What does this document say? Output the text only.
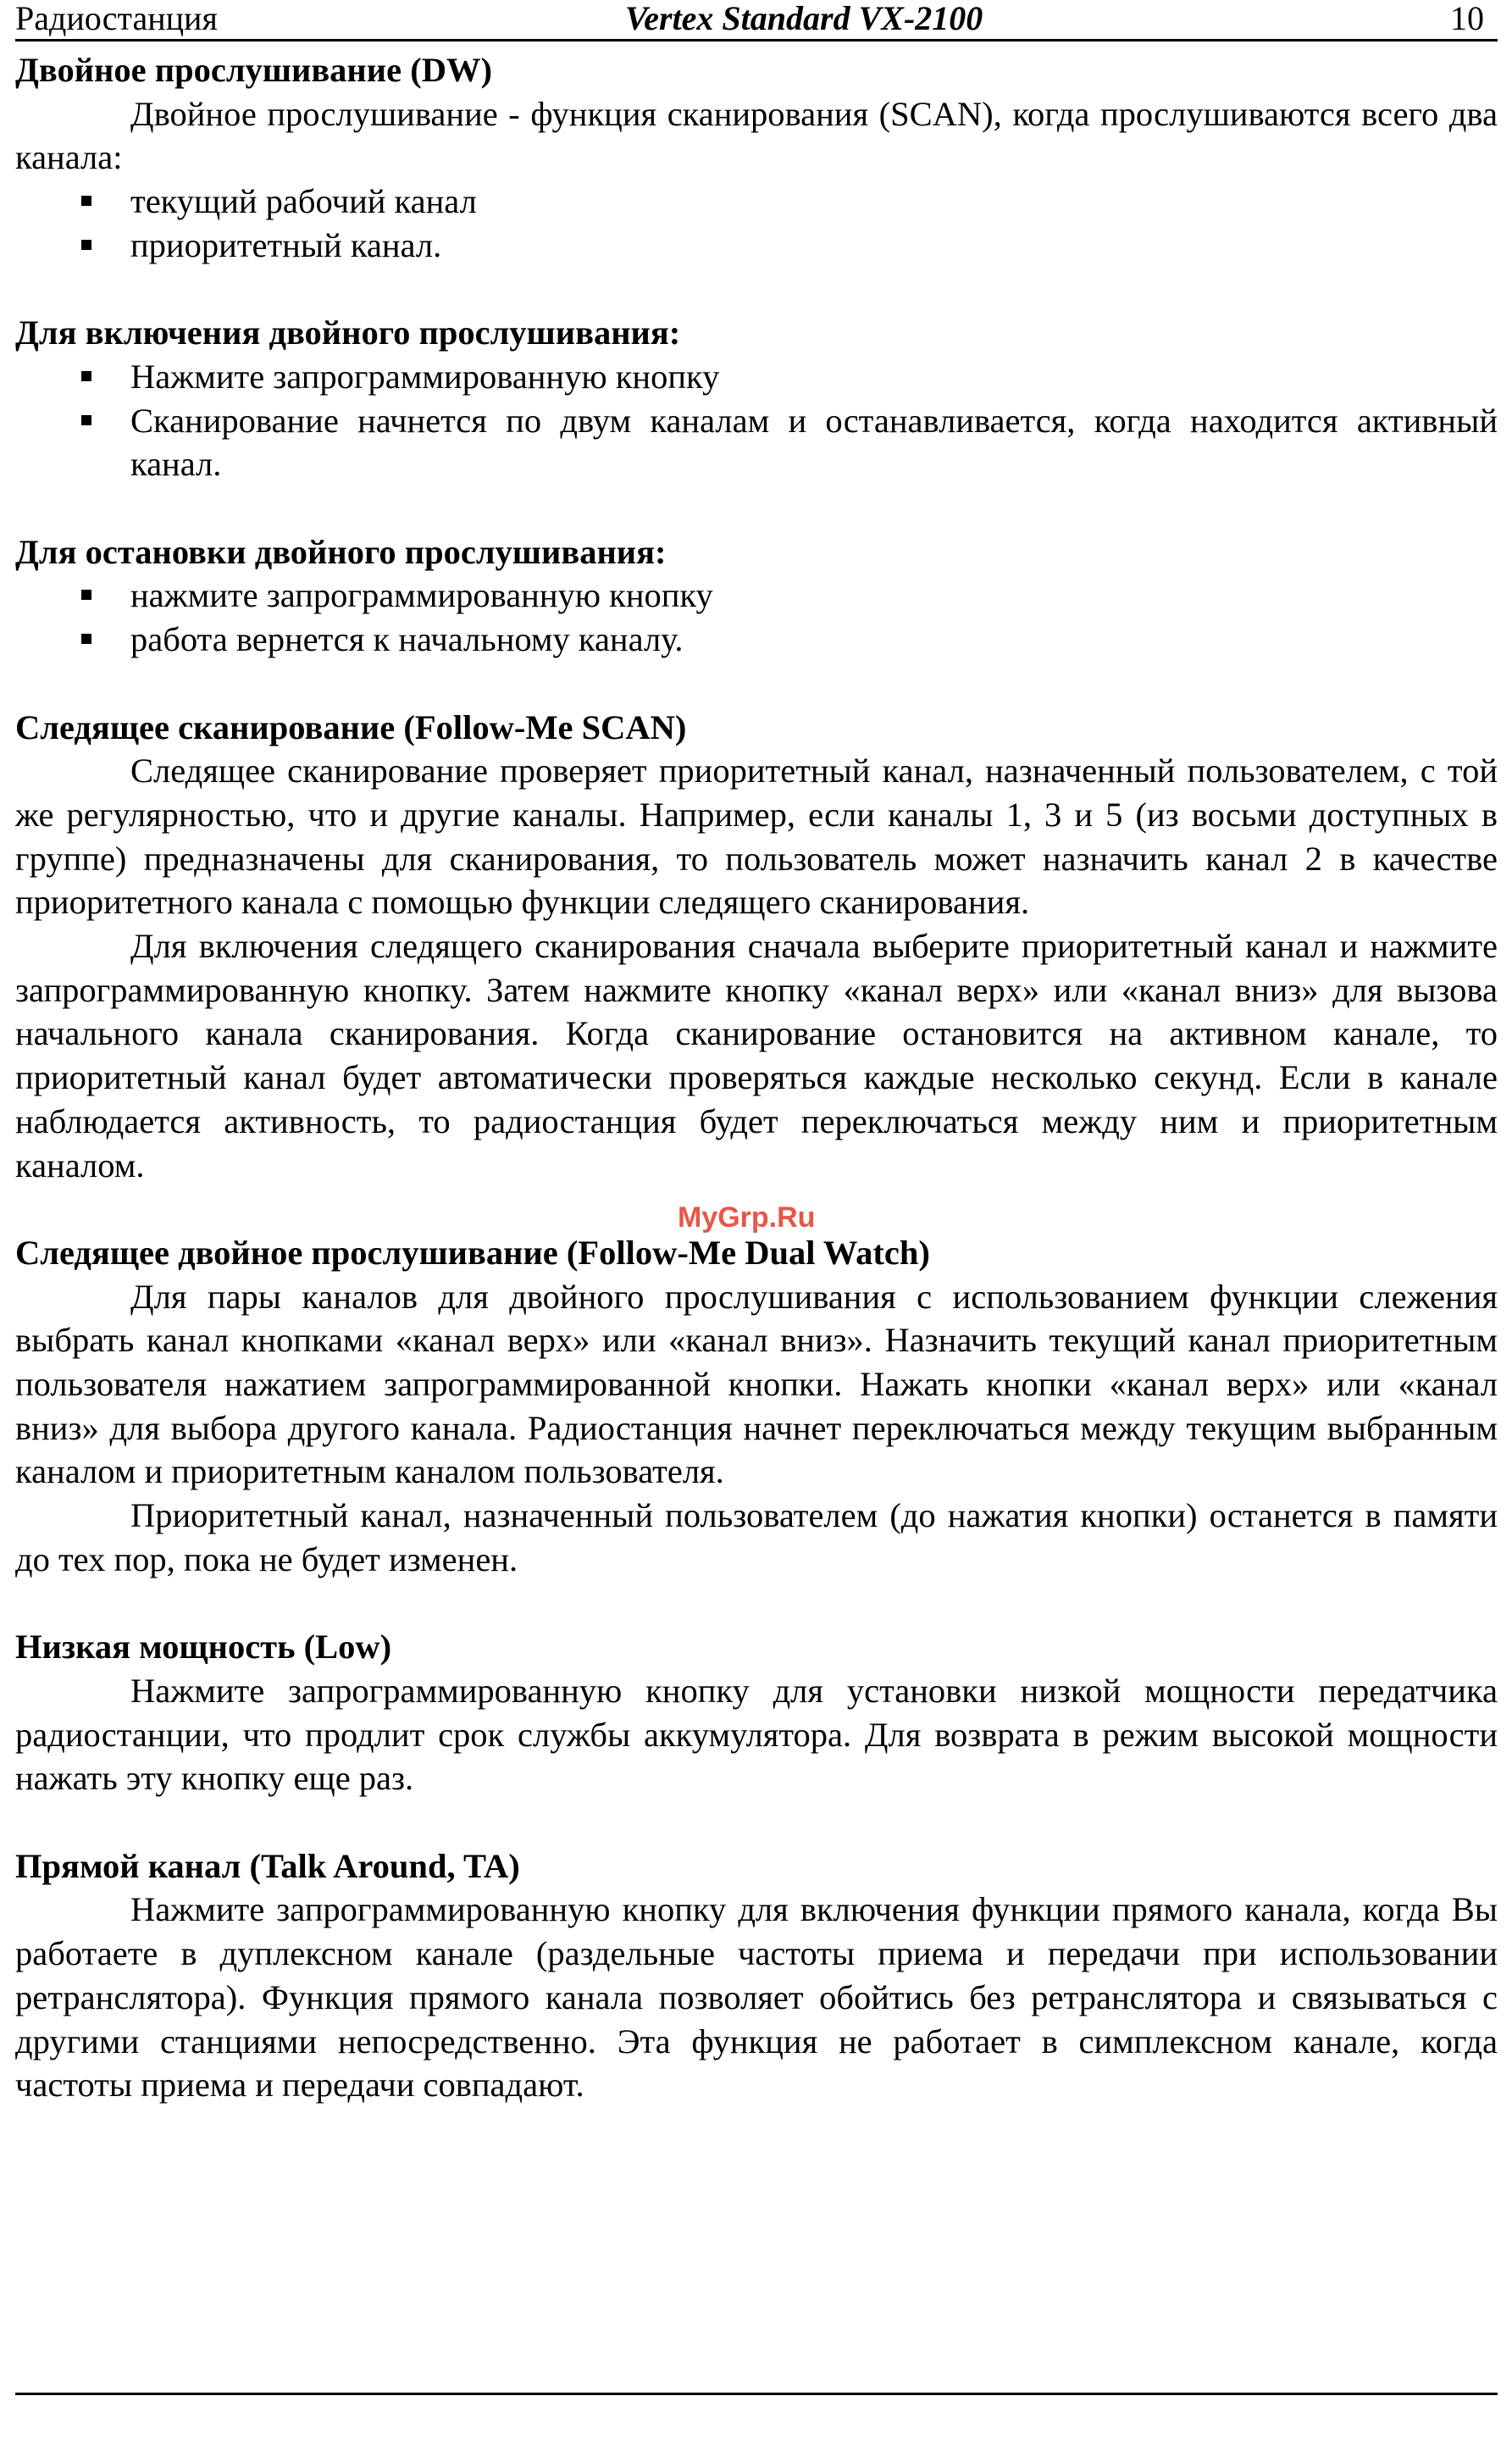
Радиостанция	Vertex Standard VX-2100	10

Двойное прослушивание (DW)

Двойное прослушивание - функция сканирования (SCAN), когда прослушиваются всего два канала:

текущий рабочий канал
приоритетный канал.

Для включения двойного прослушивания:

Нажмите запрограммированную кнопку
Сканирование начнется по двум каналам и останавливается, когда находится активный канал.

Для остановки двойного прослушивания:

нажмите запрограммированную кнопку
работа вернется к начальному каналу.

Следящее сканирование (Follow-Me SCAN)

Следящее сканирование проверяет приоритетный канал, назначенный пользователем, с той же регулярностью, что и другие каналы. Например, если каналы 1, 3 и 5 (из восьми доступных в группе) предназначены для сканирования, то пользователь может назначить канал 2 в качестве приоритетного канала с помощью функции следящего сканирования.

Для включения следящего сканирования сначала выберите приоритетный канал и нажмите запрограммированную кнопку. Затем нажмите кнопку «канал верх» или «канал вниз» для вызова начального канала сканирования. Когда сканирование остановится на активном канале, то приоритетный канал будет автоматически проверяться каждые несколько секунд. Если в канале наблюдается активность, то радиостанция будет переключаться между ним и приоритетным каналом.

Следящее двойное прослушивание (Follow-Me Dual Watch)

Для пары каналов для двойного прослушивания с использованием функции слежения выбрать канал кнопками «канал верх» или «канал вниз». Назначить текущий канал приоритетным пользователя нажатием запрограммированной кнопки. Нажать кнопки «канал верх» или «канал вниз» для выбора другого канала. Радиостанция начнет переключаться между текущим выбранным каналом и приоритетным каналом пользователя.

Приоритетный канал, назначенный пользователем (до нажатия кнопки) останется в памяти до тех пор, пока не будет изменен.

Низкая мощность (Low)

Нажмите запрограммированную кнопку для установки низкой мощности передатчика радиостанции, что продлит срок службы аккумулятора. Для возврата в режим высокой мощности нажать эту кнопку еще раз.

Прямой канал (Talk Around, TA)

Нажмите запрограммированную кнопку для включения функции прямого канала, когда Вы работаете в дуплексном канале (раздельные частоты приема и передачи при использовании ретранслятора). Функция прямого канала позволяет обойтись без ретранслятора и связываться с другими станциями непосредственно. Эта функция не работает в симплексном канале, когда частоты приема и передачи совпадают.

MyGrp.Ru
